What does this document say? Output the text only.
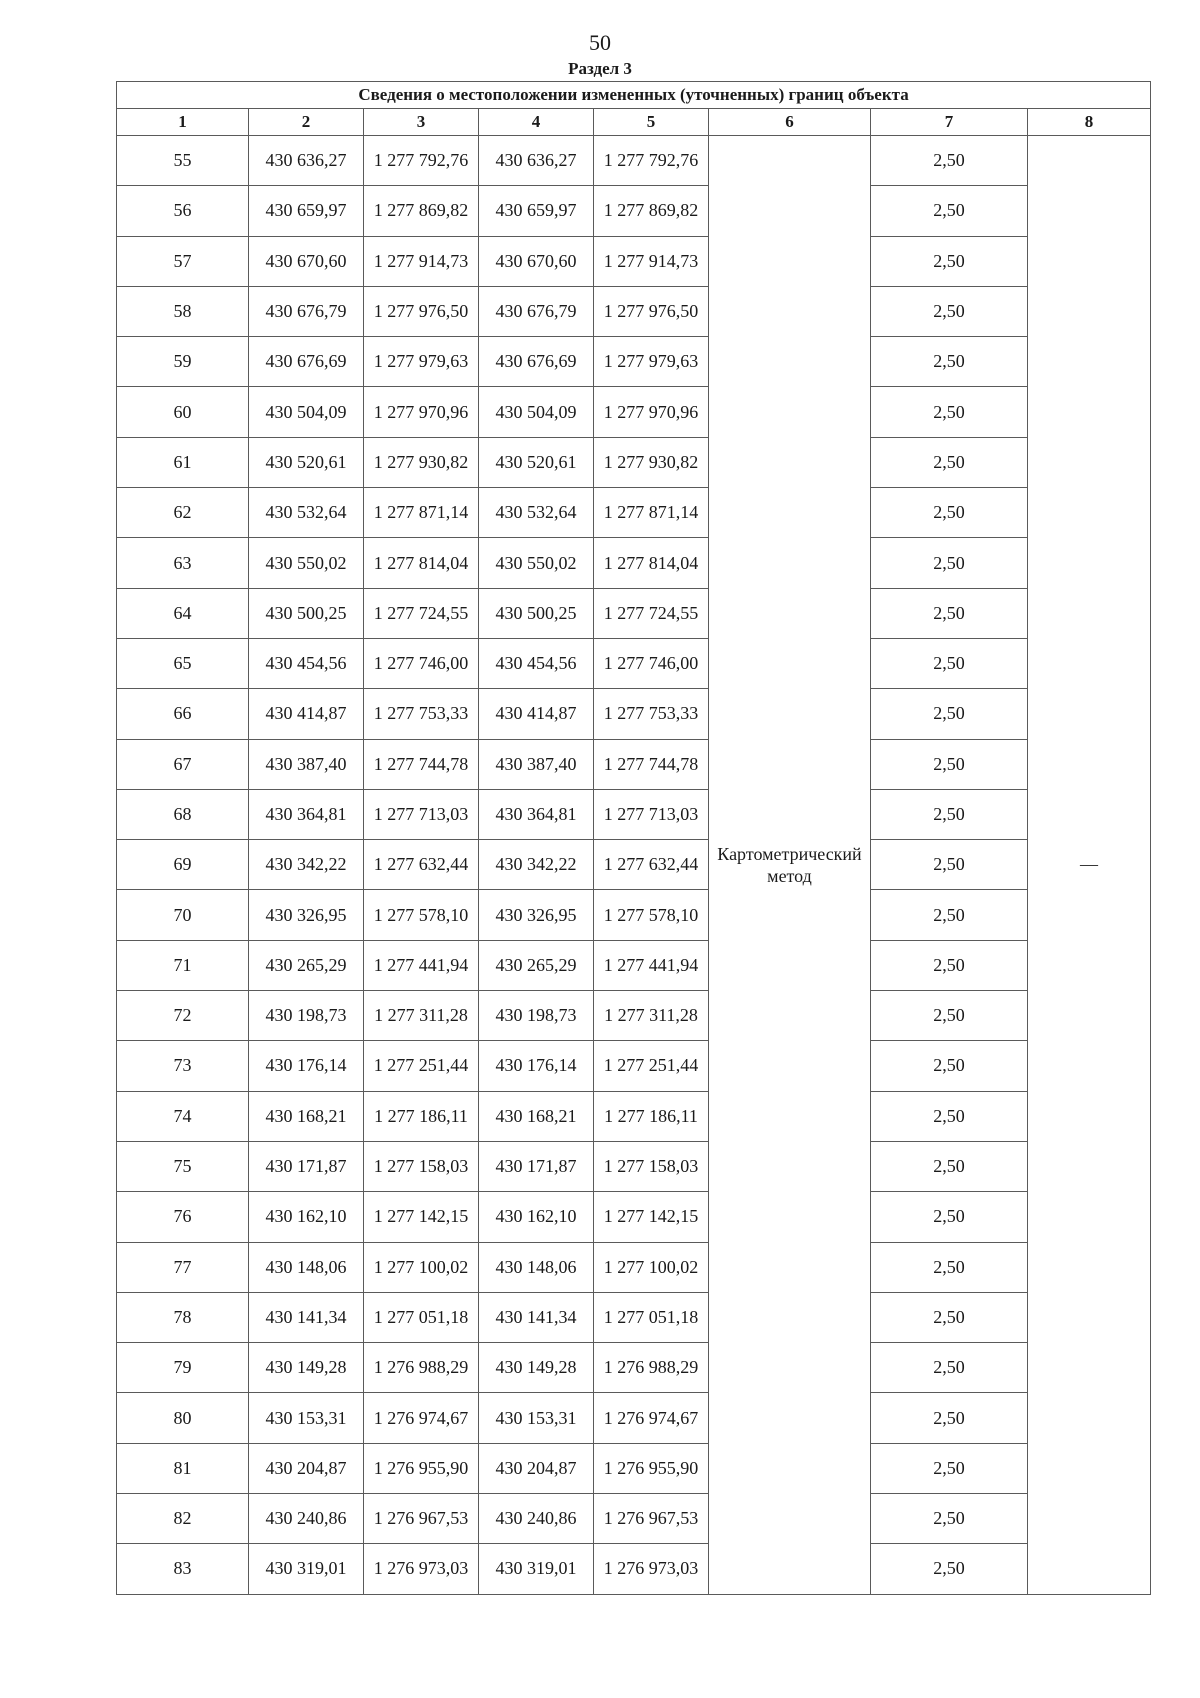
50
Раздел 3
Сведения о местоположении измененных (уточненных) границ объекта							
1	2	3	4	5	6	7	8
55	430 636,27	1 277 792,76	430 636,27	1 277 792,76	Картометрический метод	2,50	—
56	430 659,97	1 277 869,82	430 659,97	1 277 869,82		2,50	
57	430 670,60	1 277 914,73	430 670,60	1 277 914,73		2,50	
58	430 676,79	1 277 976,50	430 676,79	1 277 976,50		2,50	
59	430 676,69	1 277 979,63	430 676,69	1 277 979,63		2,50	
60	430 504,09	1 277 970,96	430 504,09	1 277 970,96		2,50	
61	430 520,61	1 277 930,82	430 520,61	1 277 930,82		2,50	
62	430 532,64	1 277 871,14	430 532,64	1 277 871,14		2,50	
63	430 550,02	1 277 814,04	430 550,02	1 277 814,04		2,50	
64	430 500,25	1 277 724,55	430 500,25	1 277 724,55		2,50	
65	430 454,56	1 277 746,00	430 454,56	1 277 746,00		2,50	
66	430 414,87	1 277 753,33	430 414,87	1 277 753,33		2,50	
67	430 387,40	1 277 744,78	430 387,40	1 277 744,78		2,50	
68	430 364,81	1 277 713,03	430 364,81	1 277 713,03		2,50	
69	430 342,22	1 277 632,44	430 342,22	1 277 632,44		2,50	
70	430 326,95	1 277 578,10	430 326,95	1 277 578,10		2,50	
71	430 265,29	1 277 441,94	430 265,29	1 277 441,94		2,50	
72	430 198,73	1 277 311,28	430 198,73	1 277 311,28		2,50	
73	430 176,14	1 277 251,44	430 176,14	1 277 251,44		2,50	
74	430 168,21	1 277 186,11	430 168,21	1 277 186,11		2,50	
75	430 171,87	1 277 158,03	430 171,87	1 277 158,03		2,50	
76	430 162,10	1 277 142,15	430 162,10	1 277 142,15		2,50	
77	430 148,06	1 277 100,02	430 148,06	1 277 100,02		2,50	
78	430 141,34	1 277 051,18	430 141,34	1 277 051,18		2,50	
79	430 149,28	1 276 988,29	430 149,28	1 276 988,29		2,50	
80	430 153,31	1 276 974,67	430 153,31	1 276 974,67		2,50	
81	430 204,87	1 276 955,90	430 204,87	1 276 955,90		2,50	
82	430 240,86	1 276 967,53	430 240,86	1 276 967,53		2,50	
83	430 319,01	1 276 973,03	430 319,01	1 276 973,03		2,50	
